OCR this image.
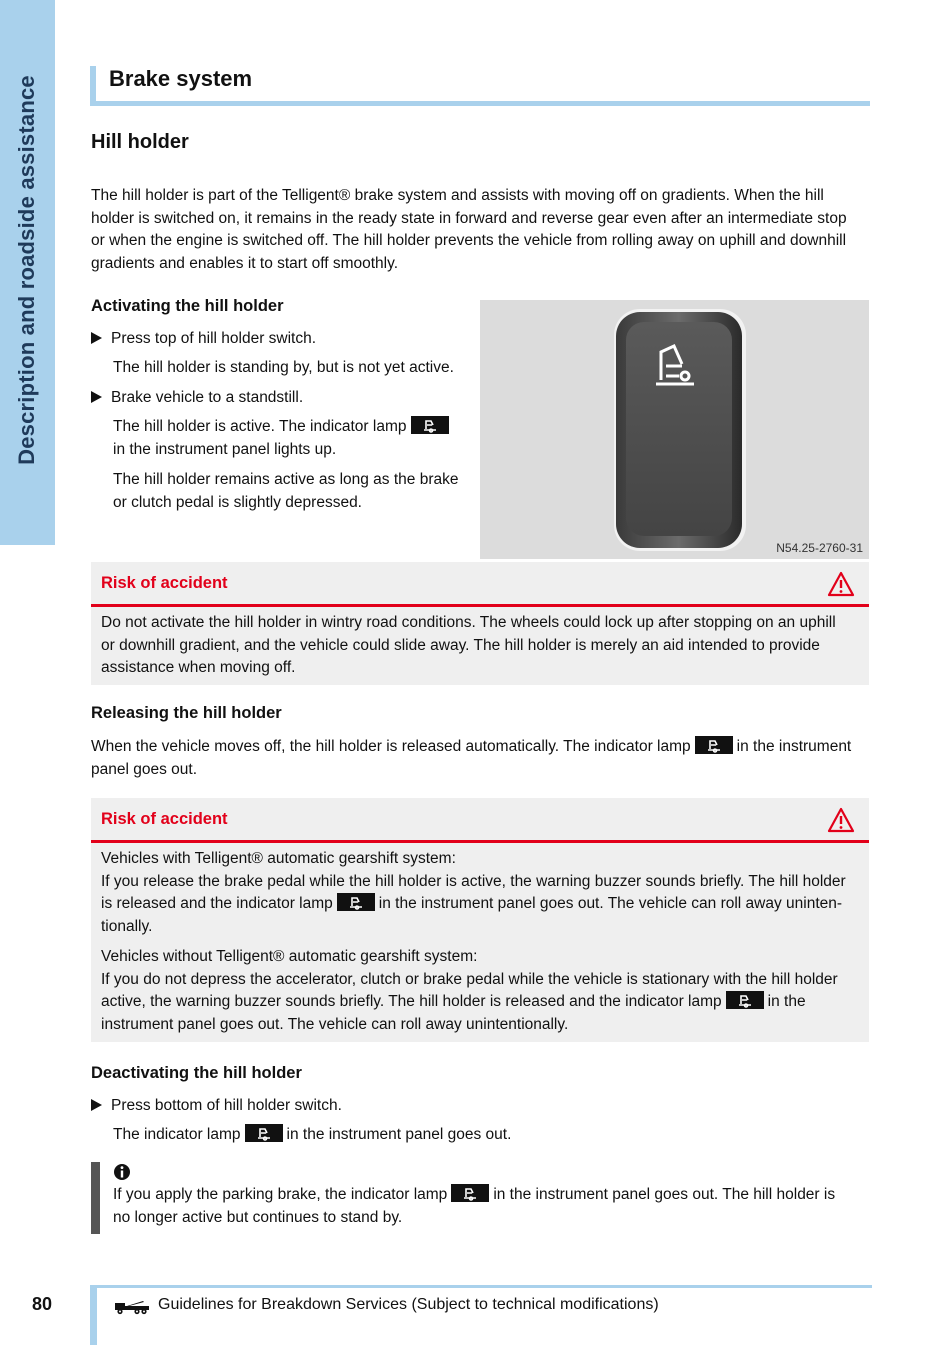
Description and roadside assistance	Brake system
Hill holder
The hill holder is part of the Telligent® brake system and assists with moving off on gradients. When the hill
holder is switched on, it remains in the ready state in forward and reverse gear even after an intermediate stop
or when the engine is switched off. The hill holder prevents the vehicle from rolling away on uphill and downhill
gradients and enables it to start off smoothly.
Activating the hill holder
Press top of hill holder switch.
The hill holder is standing by, but is not yet active.
Brake vehicle to a standstill.
The hill holder is active. The indicator lamp
in the instrument panel lights up.
The hill holder remains active as long as the brake
or clutch pedal is slightly depressed.
N54.25-2760-31
Risk of accident
Do not activate the hill holder in wintry road conditions. The wheels could lock up after stopping on an uphill
or downhill gradient, and the vehicle could slide away. The hill holder is merely an aid intended to provide
assistance when moving off.
Releasing the hill holder
When the vehicle moves off, the hill holder is released automatically. The indicator lamp	in the instrument
panel goes out.
Risk of accident

Vehicles with Telligent® automatic gearshift system:
If you release the brake pedal while the hill holder is active, the warning buzzer sounds briefly. The hill holder
is released and the indicator lamp	in the instrument panel goes out. The vehicle can roll away uninten-
tionally.

Vehicles without Telligent® automatic gearshift system:
If you do not depress the accelerator, clutch or brake pedal while the vehicle is stationary with the hill holder
active, the warning buzzer sounds briefly. The hill holder is released and the indicator lamp	in the
instrument panel goes out. The vehicle can roll away unintentionally.

Deactivating the hill holder
Press bottom of hill holder switch.
The indicator lamp	in the instrument panel goes out.
If you apply the parking brake, the indicator lamp	in the instrument panel goes out. The hill holder is
no longer active but continues to stand by.
80	Guidelines for Breakdown Services (Subject to technical modifications)
